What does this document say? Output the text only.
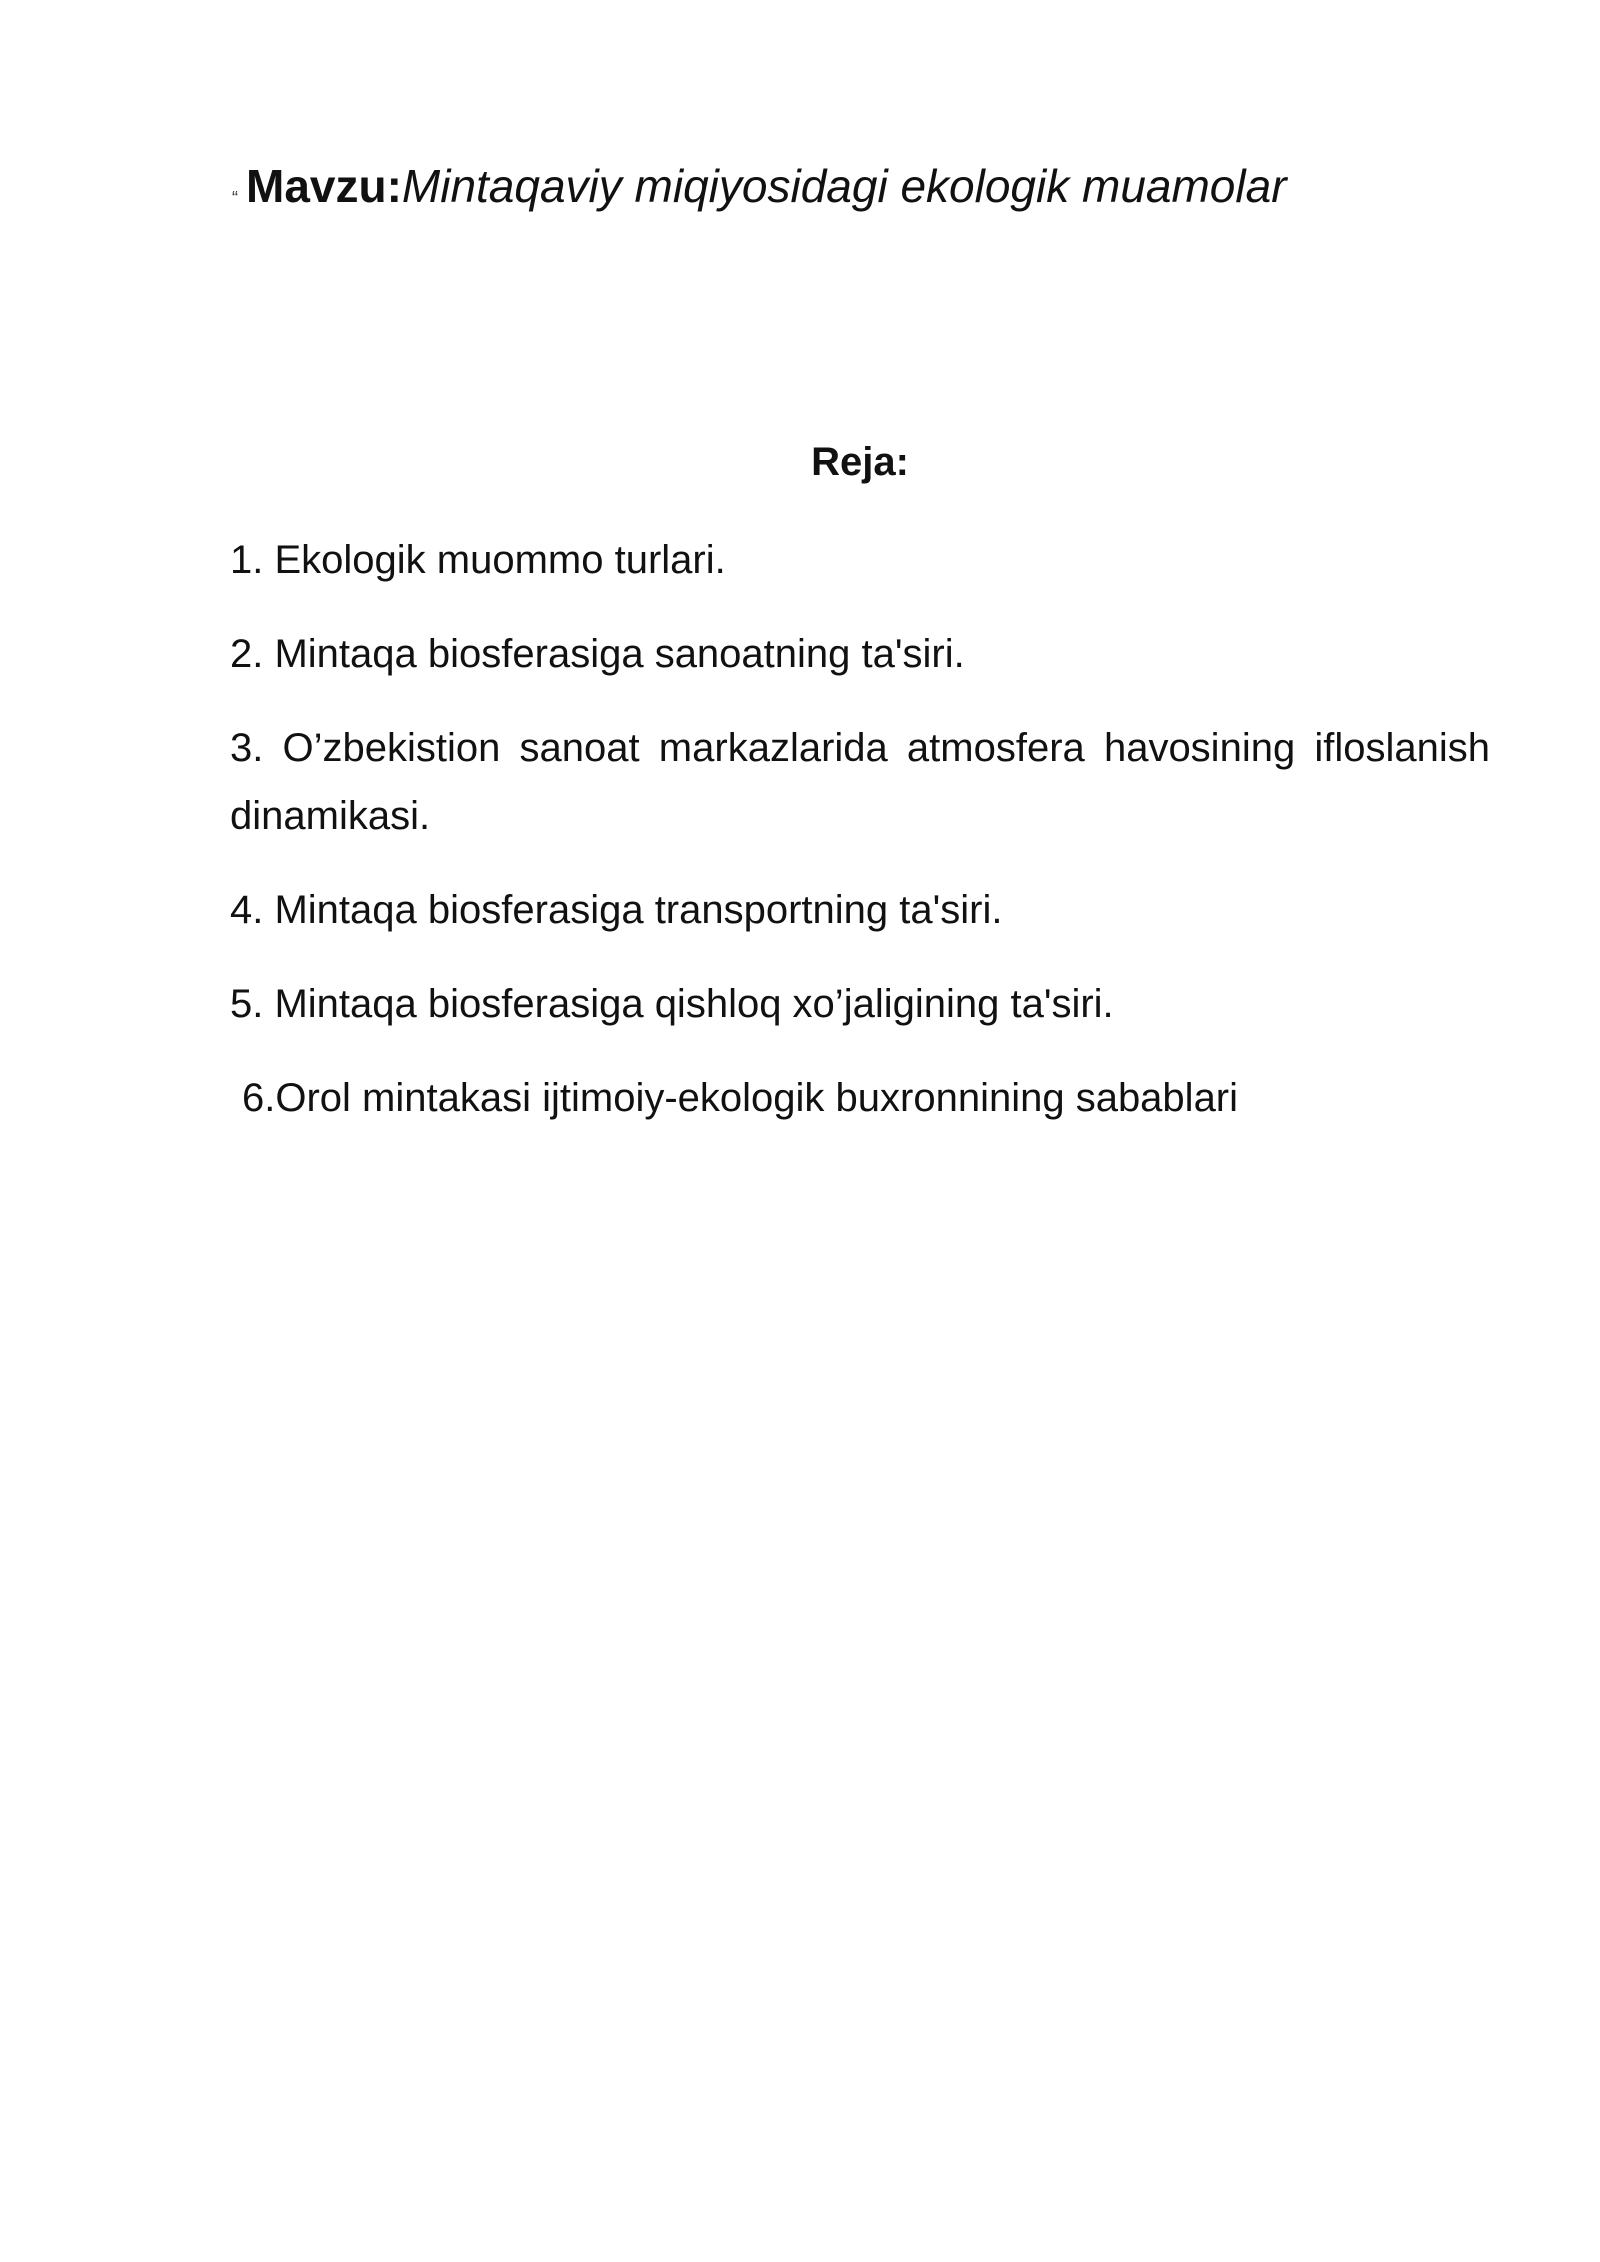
“ Mavzu:Mintaqaviy miqiyosidagi ekologik muamolar
Reja:
1. Ekologik muommo turlari.
2. Mintaqa biosferasiga sanoatning ta'siri.
3. O’zbekistion sanoat markazlarida atmosfera havosining ifloslanish dinamikasi.
4. Mintaqa biosferasiga transportning ta'siri.
5. Mintaqa biosferasiga qishloq xo’jaligining ta'siri.
6.Orol mintakasi ijtimoiy-ekologik buxronnining sabablari
